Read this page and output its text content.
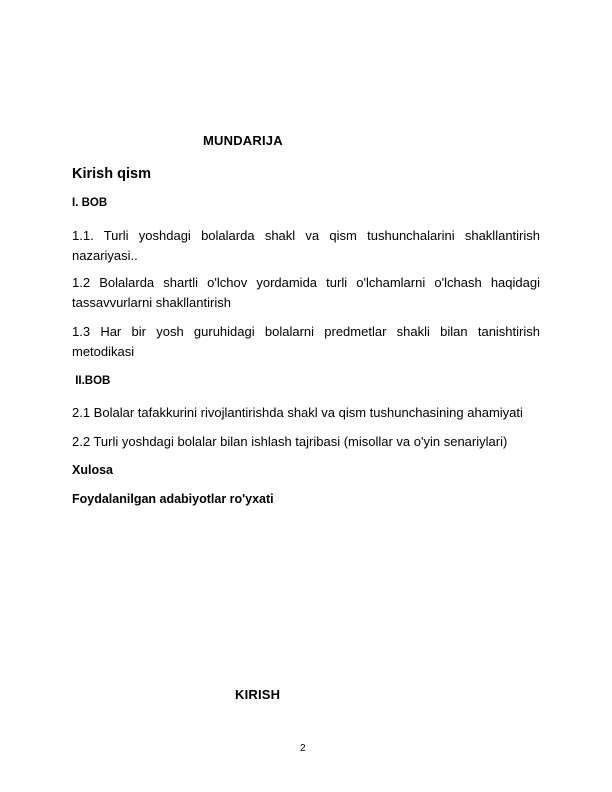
MUNDARIJA

Kirish qism

I. BOB

1.1. Turli yoshdagi bolalarda shakl va qism tushunchalarini shakllantirish nazariyasi..

1.2 Bolalarda shartli o'lchov yordamida turli o'lchamlarni o'lchash haqidagi tassavvurlarni shakllantirish

1.3 Har bir yosh guruhidagi bolalarni predmetlar shakli bilan tanishtirish metodikasi

II.BOB

2.1 Bolalar tafakkurini rivojlantirishda shakl va qism tushunchasining ahamiyati

2.2 Turli yoshdagi bolalar bilan ishlash tajribasi (misollar va o'yin senariylari)

Xulosa

Foydalanilgan adabiyotlar ro'yxati

KIRISH

2
